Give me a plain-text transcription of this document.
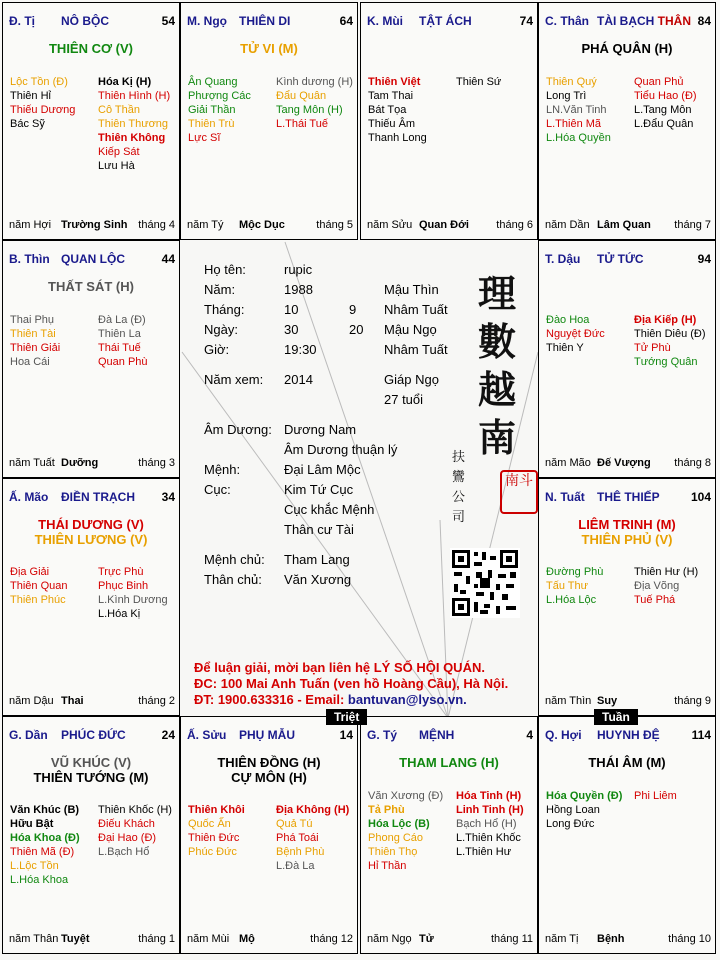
Đ. Tị NÔ BỘC	54
THIÊN CƠ (V)
Lộc Tồn (Đ)
Thiên Hỉ
Thiếu Dương
Bác Sỹ
Hóa Kị (H)
Thiên Hình (H)
Cô Thần
Thiên Thương
Thiên Không
Kiếp Sát
Lưu Hà
năm Hợi Trường Sinh tháng 4

M. Ngọ THIÊN DI	64
TỬ VI (M)
Ân Quang
Phượng Các
Giải Thần
Thiên Trù
Lực Sĩ
Kình dương (H)
Đẩu Quân
Tang Môn (H)
L.Thái Tuế
năm Tý Mộc Dục	tháng 5

K. Mùi TẬT ÁCH	74
Thiên Việt
Tam Thai
Bát Tọa
Thiếu Âm
Thanh Long
Thiên Sứ
năm Sửu Quan Đới tháng 6

C. Thân TÀI BẠCH THÂN 84
PHÁ QUÂN (H)
Thiên Quý
Long Trì
LN.Văn Tinh
L.Thiên Mã
L.Hóa Quyền
Quan Phủ
Tiểu Hao (Đ)
L.Tang Môn
L.Đẩu Quân
năm Dần Lâm Quan tháng 7

B. Thìn QUAN LỘC	44
THẤT SÁT (H)
Thai Phụ
Thiên Tài
Thiên Giải
Hoa Cái
Đà La (Đ)
Thiên La
Thái Tuế
Quan Phù
năm Tuất Dưỡng	tháng 3

T. Dậu TỬ TỨC	94
Đào Hoa
Nguyệt Đức
Thiên Y
Địa Kiếp (H)
Thiên Diêu (Đ)
Tử Phù
Tướng Quân
năm Mão Đế Vượng tháng 8

Ấ. Mão ĐIỀN TRẠCH 34
THÁI DƯƠNG (V)
THIÊN LƯƠNG (V)
Địa Giải
Thiên Quan
Thiên Phúc
Trực Phù
Phục Binh
L.Kình Dương
L.Hóa Kị
năm Dậu Thai	tháng 2

N. Tuất THÊ THIẾP	104
LIÊM TRINH (M)
THIÊN PHỦ (V)
Đường Phù
Tấu Thư
L.Hóa Lộc
Thiên Hư (H)
Địa Võng
Tuế Phá
năm Thìn Suy	tháng 9

G. Dần PHÚC ĐỨC	24
VŨ KHÚC (V)
THIÊN TƯỚNG (M)
Văn Khúc (B)
Hữu Bật
Hóa Khoa (Đ)
Thiên Mã (Đ)
L.Lộc Tồn
L.Hóa Khoa
Thiên Khốc (H)
Điếu Khách
Đại Hao (Đ)
L.Bạch Hổ
năm Thân Tuyệt	tháng 1

Ấ. Sửu PHỤ MẪU	14
THIÊN ĐỒNG (H)
CỰ MÔN (H)
Thiên Khôi
Quốc Ấn
Thiên Đức
Phúc Đức
Địa Không (H)
Quả Tú
Phá Toái
Bệnh Phù
L.Đà La
năm Mùi Mộ	tháng 12

G. Tý MỆNH	4
THAM LANG (H)
Văn Xương (Đ)
Tả Phù
Hóa Lộc (B)
Phong Cáo
Thiên Thọ
Hỉ Thần
Hóa Tinh (H)
Linh Tinh (H)
Bạch Hổ (H)
L.Thiên Khốc
L.Thiên Hư
năm Ngọ Tử	tháng 11

Q. Hợi HUYNH ĐỆ	114
THÁI ÂM (M)
Hóa Quyền (Đ)
Hồng Loan
Long Đức
Phi Liêm
năm Tị Bệnh	tháng 10

Họ tên:	rupic
Năm:	1988	Mậu Thìn
Tháng:	10	9 Nhâm Tuất
Ngày:	30	20 Mậu Ngọ
Giờ:	19:30	Nhâm Tuất
Năm xem: 2014	Giáp Ngọ
27 tuổi
Âm Dương: Dương Nam
Âm Dương thuận lý
Mệnh:	Đại Lâm Mộc
Cục:	Kim Tứ Cục
Cục khắc Mệnh
Thân cư Tài
Mệnh chủ: Tham Lang
Thân chủ: Văn Xương
理數越南
扶鸞公司
南斗
Để luận giải, mời bạn liên hệ LÝ SỐ HỘI QUÁN.
ĐC: 100 Mai Anh Tuấn (ven hồ Hoàng Cầu), Hà Nội.
ĐT: 1900.633316 - Email: bantuvan@lyso.vn.
Triệt	Tuần
